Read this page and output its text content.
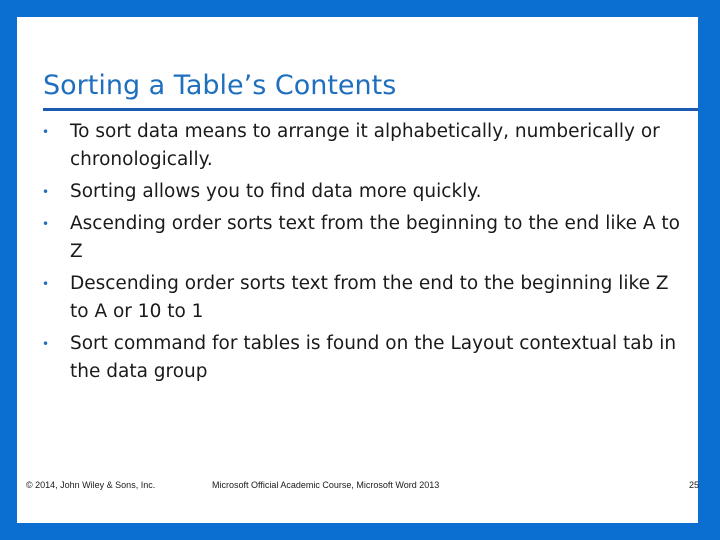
Sorting a Table’s Contents
• To sort data means to arrange it alphabetically, numberically or chronologically.
• Sorting allows you to find data more quickly.
• Ascending order sorts text from the beginning to the end like A to Z
• Descending order sorts text from the end to the beginning like Z to A or 10 to 1
• Sort command for tables is found on the Layout contextual tab in the data group
© 2014, John Wiley & Sons, Inc.	Microsoft Official Academic Course, Microsoft Word 2013	25
